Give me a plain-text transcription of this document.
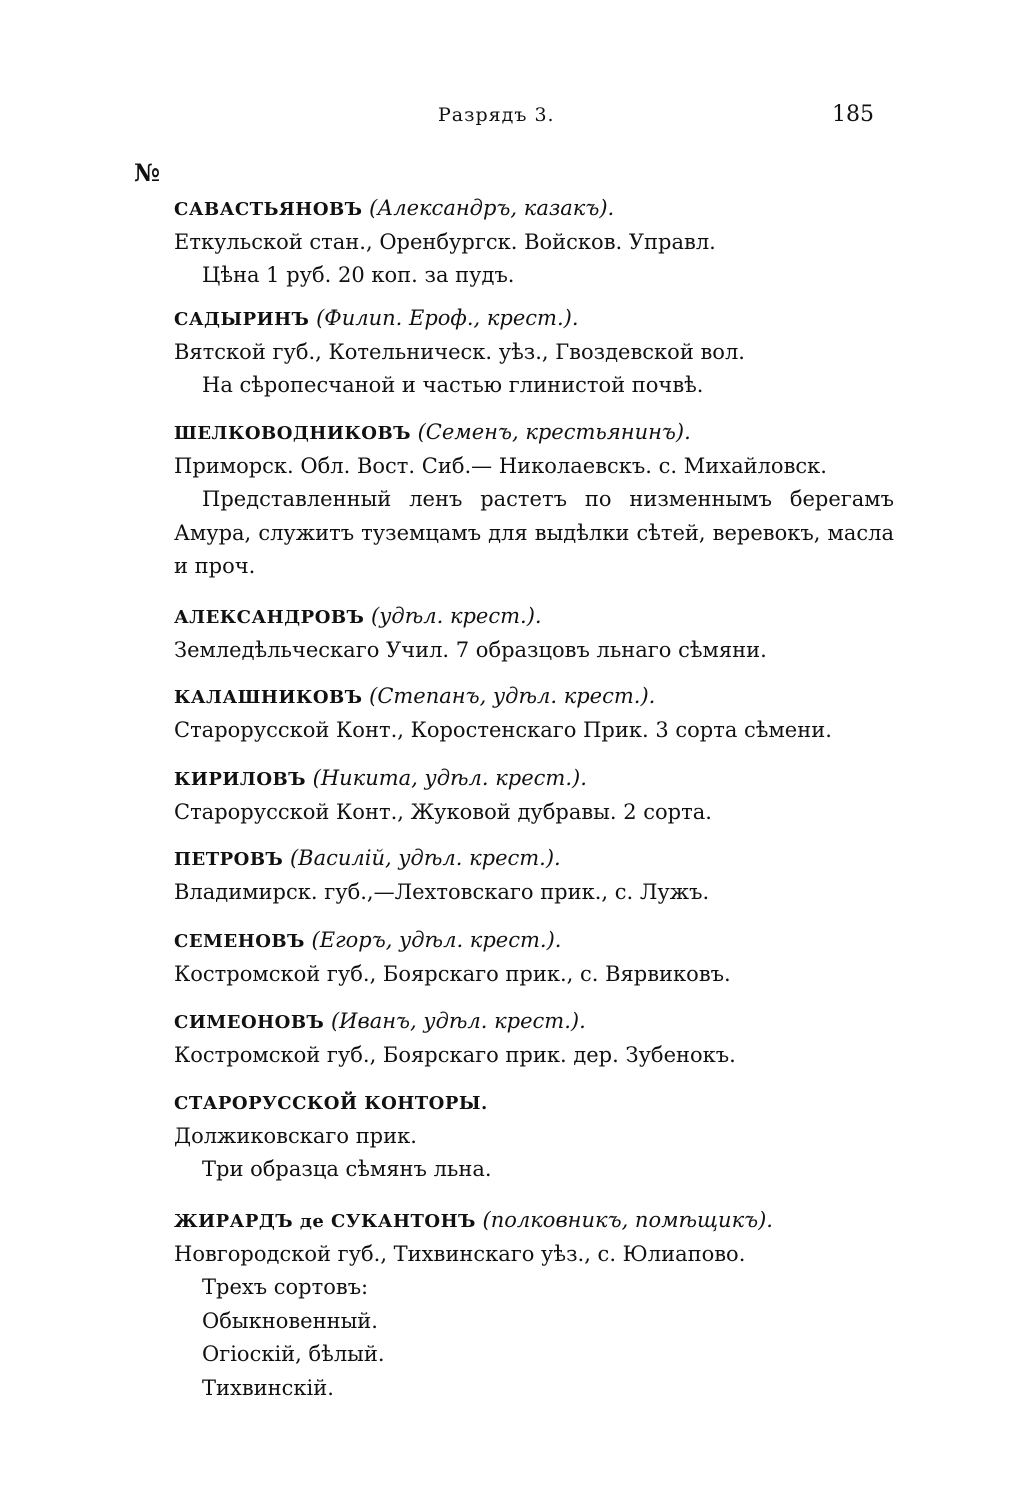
Разрядъ 3.	185
№
САВАСТЬЯНОВЪ (Александръ, казакъ).
Еткульской стан., Оренбургск. Войсков. Управл.
Цѣна 1 руб. 20 коп. за пудъ.
САДЫРИНЪ (Филип. Ероф., крест.).
Вятской губ., Котельническ. уѣз., Гвоздевской вол.
На сѣропесчаной и частью глинистой почвѣ.
ШЕЛКОВОДНИКОВЪ (Семенъ, крестьянинъ).
Приморск. Обл. Вост. Сиб.— Николаевскъ. с. Михайловск.
Представленный ленъ растетъ по низменнымъ берегамъ Амура, служитъ туземцамъ для выдѣлки сѣтей, веревокъ, масла и проч.
АЛЕКСАНДРОВЪ (удѣл. крест.).
Земледѣльческаго Учил. 7 образцовъ льнаго сѣмяни.
КАЛАШНИКОВЪ (Степанъ, удѣл. крест.).
Старорусской Конт., Коростенскаго Прик. 3 сорта сѣмени.
КИРИЛОВЪ (Никита, удѣл. крест.).
Старорусской Конт., Жуковой дубравы. 2 сорта.
ПЕТРОВЪ (Василій, удѣл. крест.).
Владимирск. губ.,—Лехтовскаго прик., с. Лужъ.
СЕМЕНОВЪ (Егоръ, удѣл. крест.).
Костромской губ., Боярскаго прик., с. Вярвиковъ.
СИМЕОНОВЪ (Иванъ, удѣл. крест.).
Костромской губ., Боярскаго прик. дер. Зубенокъ.
СТАРОРУССКОЙ КОНТОРЫ.
Должиковскаго прик.
Три образца сѣмянъ льна.
ЖИРАРДЪ де СУКАНТОНЪ (полковникъ, помѣщикъ).
Новгородской губ., Тихвинскаго уѣз., с. Юлиапово.
Трехъ сортовъ:
Обыкновенный.
Огіоскій, бѣлый.
Тихвинскій.
